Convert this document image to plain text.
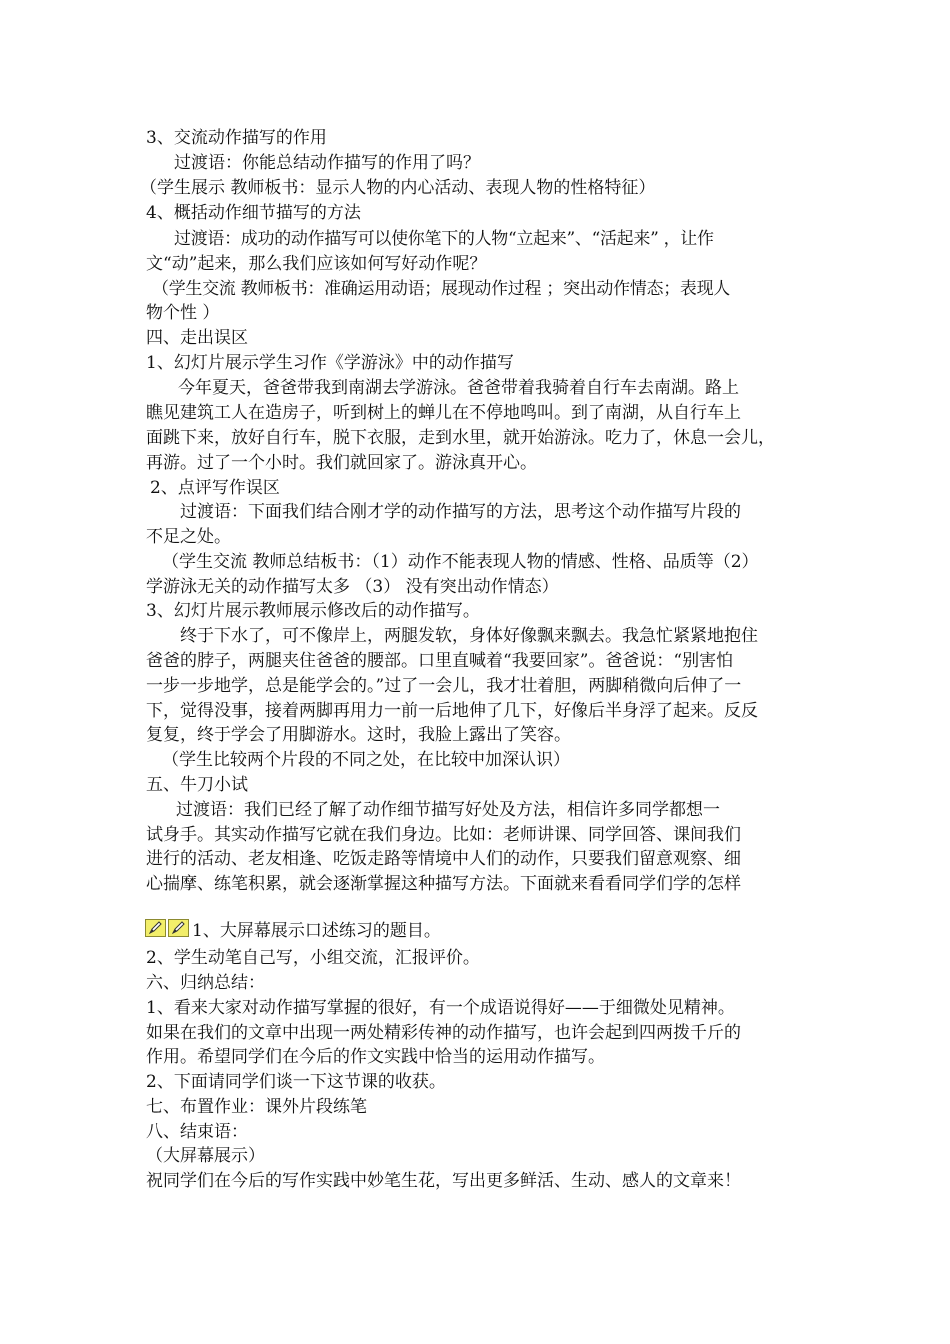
3、交流动作描写的作用
过渡语：你能总结动作描写的作用了吗？
（学生展示 教师板书：显示人物的内心活动、表现人物的性格特征）
4、概括动作细节描写的方法
过渡语：成功的动作描写可以使你笔下的人物“立起来”、“活起来” ，让作
文“动”起来，那么我们应该如何写好动作呢？
（学生交流 教师板书：准确运用动语；展现动作过程 ；突出动作情态；表现人
物个性 ）
四、走出误区
1、幻灯片展示学生习作《学游泳》中的动作描写
今年夏天，爸爸带我到南湖去学游泳。爸爸带着我骑着自行车去南湖。路上
瞧见建筑工人在造房子，听到树上的蝉儿在不停地鸣叫。到了南湖，从自行车上
面跳下来，放好自行车，脱下衣服，走到水里，就开始游泳。吃力了，休息一会儿，
再游。过了一个小时。我们就回家了。游泳真开心。
2、点评写作误区
过渡语：下面我们结合刚才学的动作描写的方法，思考这个动作描写片段的
不足之处。
（学生交流 教师总结板书：（1）动作不能表现人物的情感、性格、品质等（2）
学游泳无关的动作描写太多 （3） 没有突出动作情态）
3、幻灯片展示教师展示修改后的动作描写。
终于下水了，可不像岸上，两腿发软，身体好像飘来飘去。我急忙紧紧地抱住
爸爸的脖子，两腿夹住爸爸的腰部。口里直喊着“我要回家”。爸爸说：“别害怕
一步一步地学，总是能学会的。”过了一会儿，我才壮着胆，两脚稍微向后伸了一
下，觉得没事，接着两脚再用力一前一后地伸了几下，好像后半身浮了起来。反反
复复，终于学会了用脚游水。这时，我脸上露出了笑容。
（学生比较两个片段的不同之处，在比较中加深认识）
五、牛刀小试
过渡语：我们已经了解了动作细节描写好处及方法，相信许多同学都想一
试身手。其实动作描写它就在我们身边。比如：老师讲课、同学回答、课间我们
进行的活动、老友相逢、吃饭走路等情境中人们的动作，只要我们留意观察、细
心揣摩、练笔积累，就会逐渐掌握这种描写方法。下面就来看看同学们学的怎样
1、大屏幕展示口述练习的题目。
2、学生动笔自己写，小组交流，汇报评价。
六、归纳总结：
1、看来大家对动作描写掌握的很好，有一个成语说得好——于细微处见精神。
如果在我们的文章中出现一两处精彩传神的动作描写，也许会起到四两拨千斤的
作用。希望同学们在今后的作文实践中恰当的运用动作描写。
2、下面请同学们谈一下这节课的收获。
七、布置作业：课外片段练笔
八、结束语：
（大屏幕展示）
祝同学们在今后的写作实践中妙笔生花，写出更多鲜活、生动、感人的文章来！
